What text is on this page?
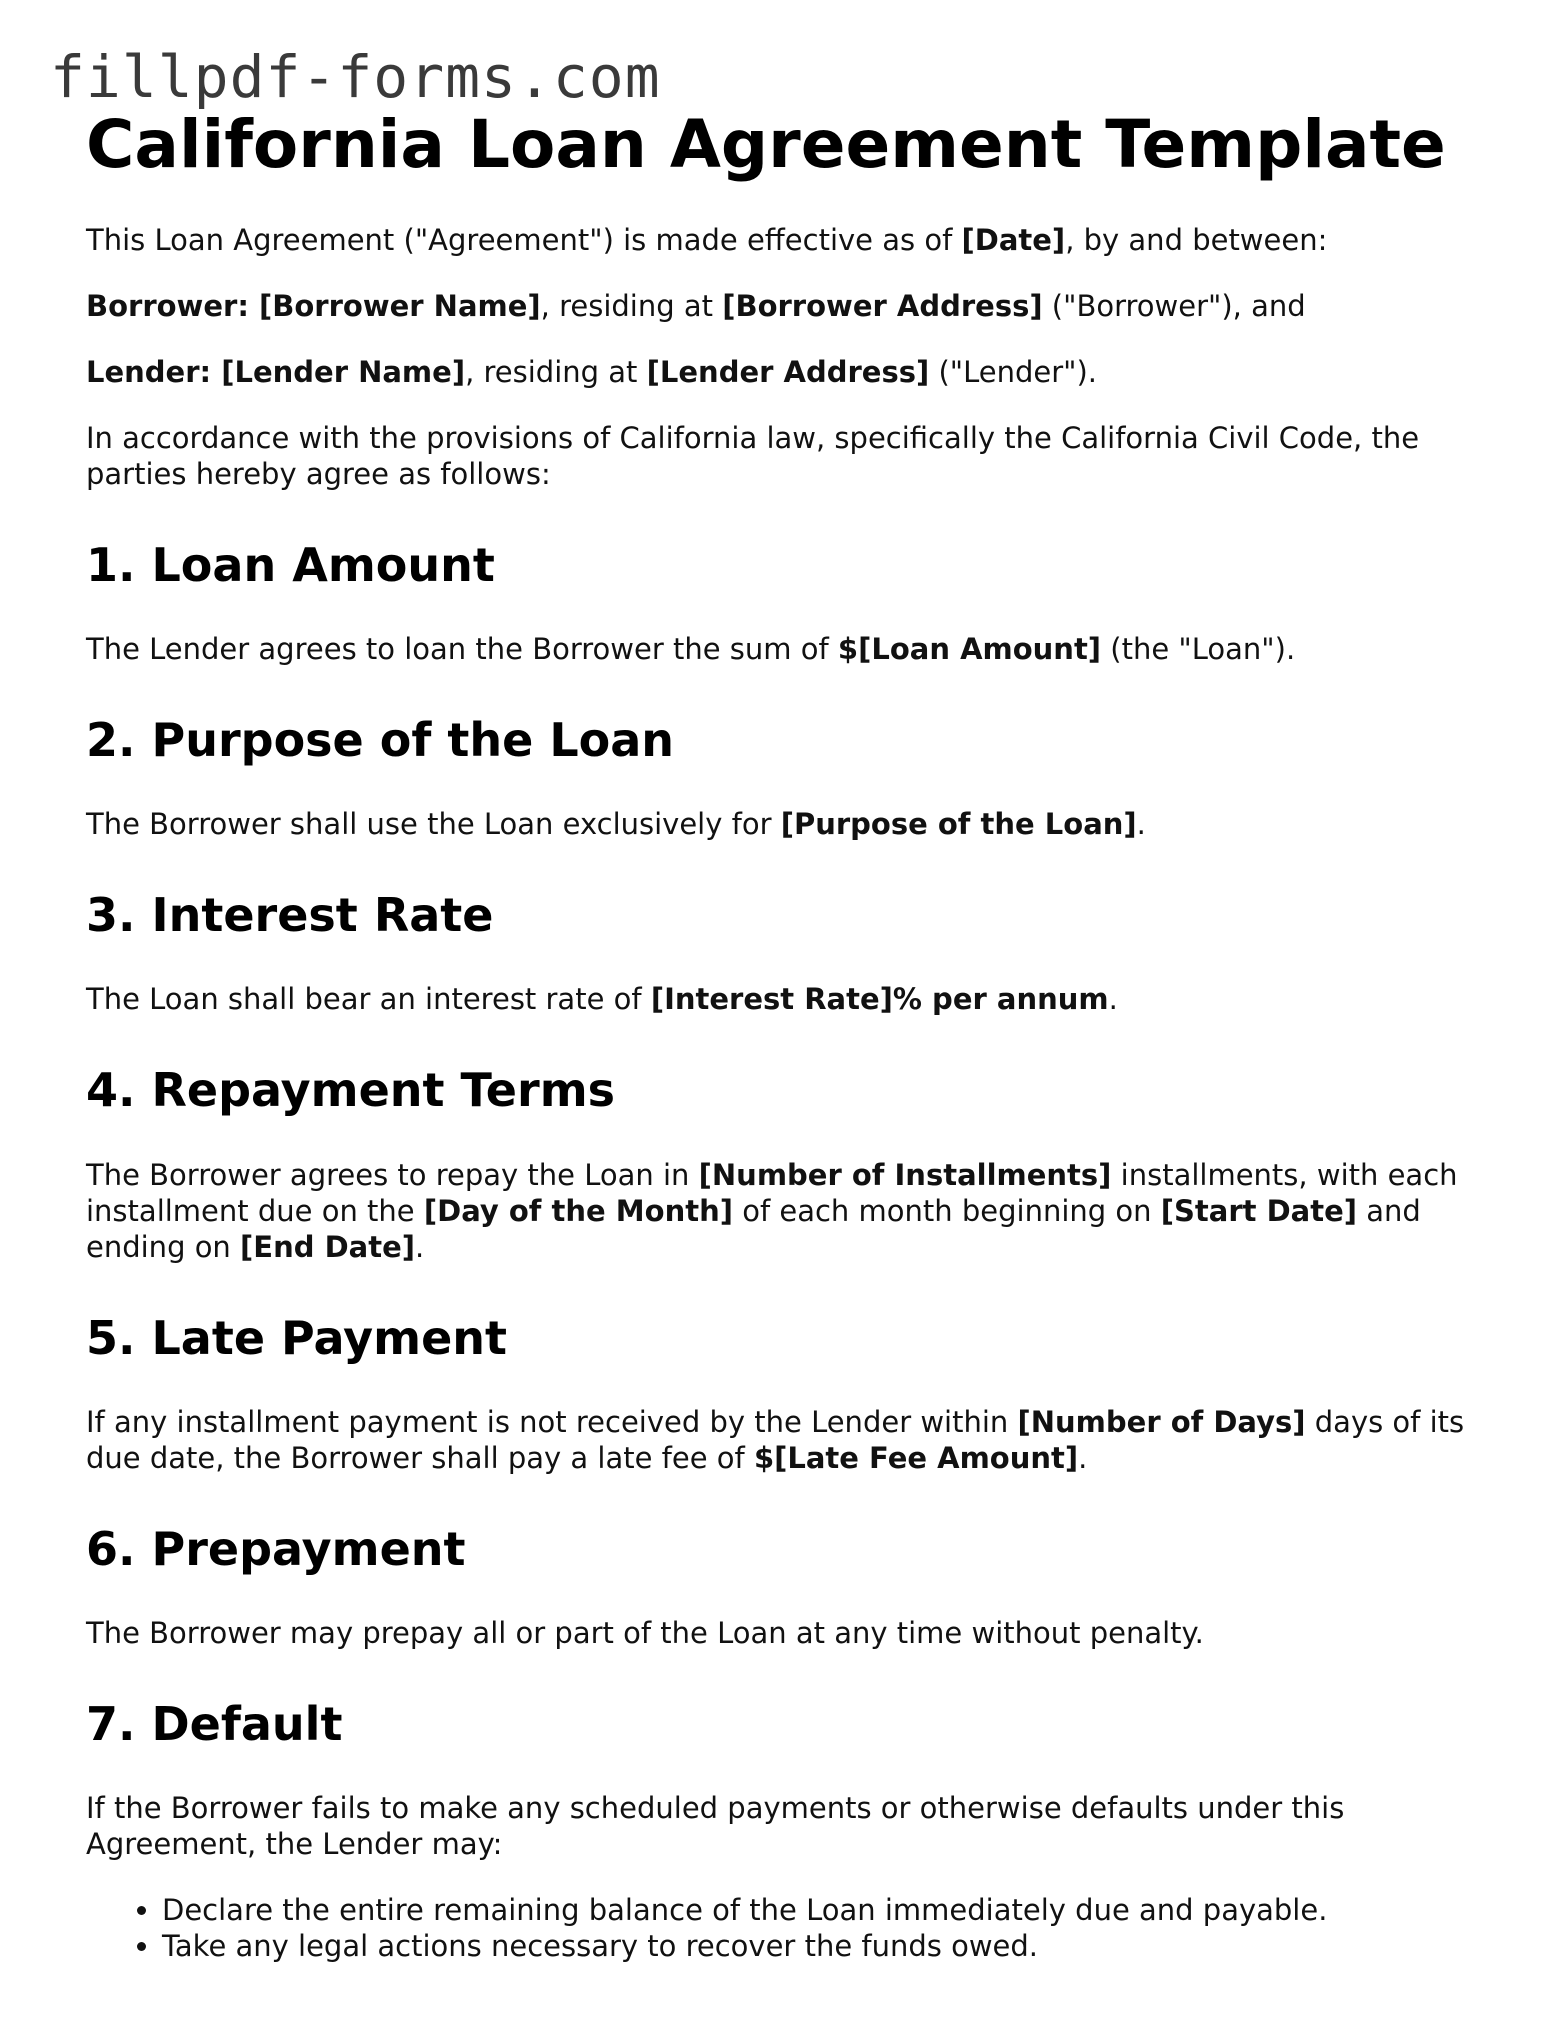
fillpdf-forms.com
California Loan Agreement Template

This Loan Agreement ("Agreement") is made effective as of [Date], by and between:

Borrower: [Borrower Name], residing at [Borrower Address] ("Borrower"), and

Lender: [Lender Name], residing at [Lender Address] ("Lender").

In accordance with the provisions of California law, specifically the California Civil Code, the parties hereby agree as follows:

1. Loan Amount

The Lender agrees to loan the Borrower the sum of $[Loan Amount] (the "Loan").

2. Purpose of the Loan

The Borrower shall use the Loan exclusively for [Purpose of the Loan].

3. Interest Rate

The Loan shall bear an interest rate of [Interest Rate]% per annum.

4. Repayment Terms

The Borrower agrees to repay the Loan in [Number of Installments] installments, with each installment due on the [Day of the Month] of each month beginning on [Start Date] and ending on [End Date].

5. Late Payment

If any installment payment is not received by the Lender within [Number of Days] days of its due date, the Borrower shall pay a late fee of $[Late Fee Amount].

6. Prepayment

The Borrower may prepay all or part of the Loan at any time without penalty.

7. Default

If the Borrower fails to make any scheduled payments or otherwise defaults under this Agreement, the Lender may:

• Declare the entire remaining balance of the Loan immediately due and payable.
• Take any legal actions necessary to recover the funds owed.
